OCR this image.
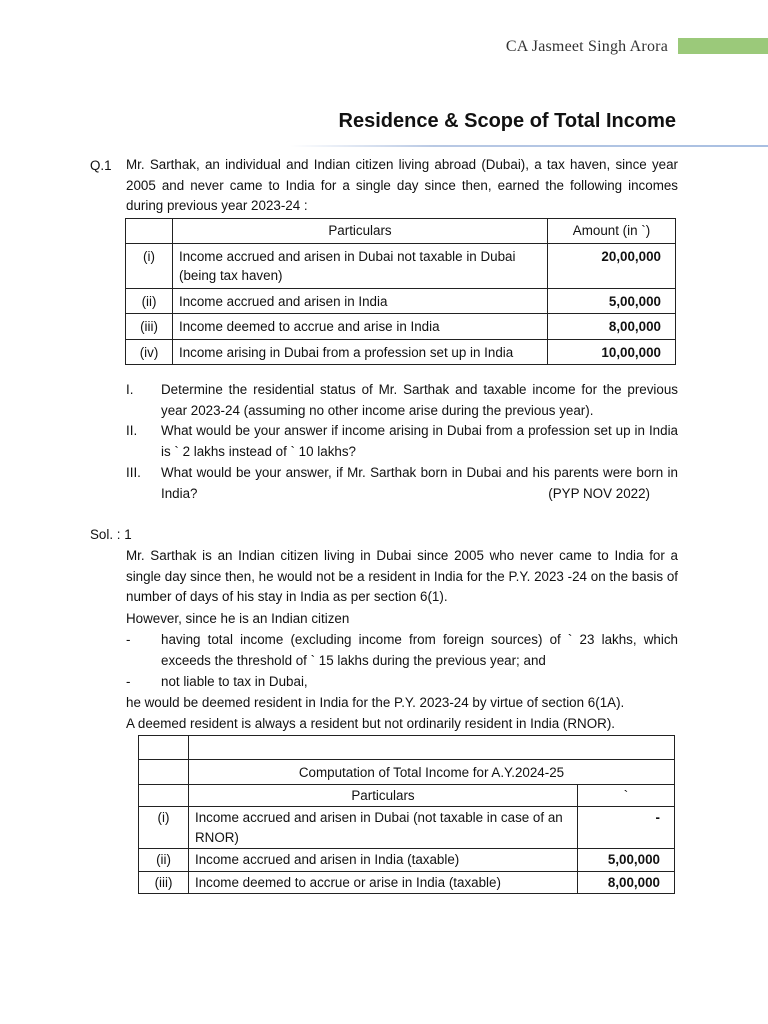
CA Jasmeet Singh Arora
Residence & Scope of Total Income
Q.1 Mr. Sarthak, an individual and Indian citizen living abroad (Dubai), a tax haven, since year 2005 and never came to India for a single day since then, earned the following incomes during previous year 2023-24 :
	Particulars	Amount (in `)
(i)	Income accrued and arisen in Dubai not taxable in Dubai (being tax haven)	20,00,000
(ii)	Income accrued and arisen in India	5,00,000
(iii)	Income deemed to accrue and arise in India	8,00,000
(iv)	Income arising in Dubai from a profession set up in India	10,00,000
I. Determine the residential status of Mr. Sarthak and taxable income for the previous year 2023-24 (assuming no other income arise during the previous year).
II. What would be your answer if income arising in Dubai from a profession set up in India is ` 2 lakhs instead of ` 10 lakhs?
III. What would be your answer, if Mr. Sarthak born in Dubai and his parents were born in India?	(PYP NOV 2022)
Sol. : 1
Mr. Sarthak is an Indian citizen living in Dubai since 2005 who never came to India for a single day since then, he would not be a resident in India for the P.Y. 2023 -24 on the basis of number of days of his stay in India as per section 6(1).
However, since he is an Indian citizen
- having total income (excluding income from foreign sources) of ` 23 lakhs, which exceeds the threshold of ` 15 lakhs during the previous year; and
- not liable to tax in Dubai,
he would be deemed resident in India for the P.Y. 2023-24 by virtue of section 6(1A).
A deemed resident is always a resident but not ordinarily resident in India (RNOR).

	Computation of Total Income for A.Y.2024-25	
	Particulars	`
(i)	Income accrued and arisen in Dubai (not taxable in case of an RNOR)	-
(ii)	Income accrued and arisen in India (taxable)	5,00,000
(iii)	Income deemed to accrue or arise in India (taxable)	8,00,000
